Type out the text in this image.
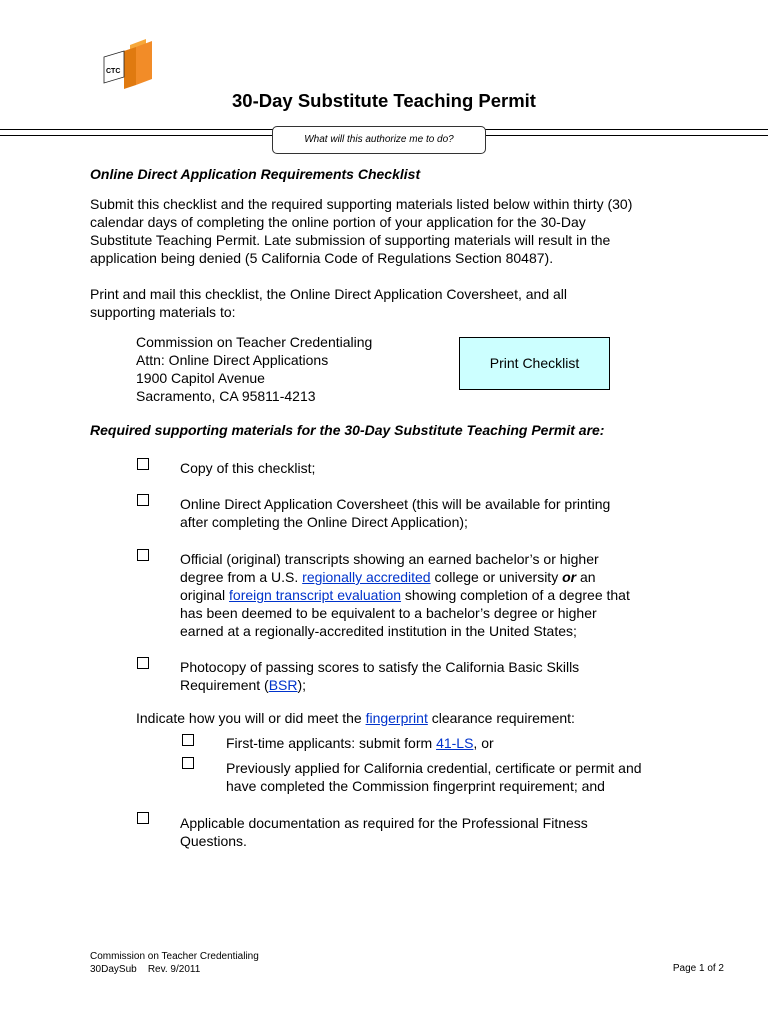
CTC
30-Day Substitute Teaching Permit
What will this authorize me to do?
Online Direct Application Requirements Checklist

Submit this checklist and the required supporting materials listed below within thirty (30)

calendar days of completing the online portion of your application for the 30-Day

Substitute Teaching Permit. Late submission of supporting materials will result in the

application being denied (5 California Code of Regulations Section 80487).

Print and mail this checklist, the Online Direct Application Coversheet, and all

supporting materials to:

Commission on Teacher Credentialing
Attn: Online Direct Applications
1900 Capitol Avenue
Sacramento, CA 95811-4213
Print Checklist
Required supporting materials for the 30-Day Substitute Teaching Permit are:

Copy of this checklist;

Online Direct Application Coversheet (this will be available for printing

after completing the Online Direct Application);

Official (original) transcripts showing an earned bachelor’s or higher

degree from a U.S. regionally accredited college or university or an

original foreign transcript evaluation showing completion of a degree that

has been deemed to be equivalent to a bachelor’s degree or higher

earned at a regionally-accredited institution in the United States;

Photocopy of passing scores to satisfy the California Basic Skills

Requirement (BSR);

Indicate how you will or did meet the fingerprint clearance requirement:

First-time applicants: submit form 41-LS, or

Previously applied for California credential, certificate or permit and

have completed the Commission fingerprint requirement; and

Applicable documentation as required for the Professional Fitness

Questions.

Commission on Teacher Credentialing
30DaySub Rev. 9/2011	Page 1 of 2
